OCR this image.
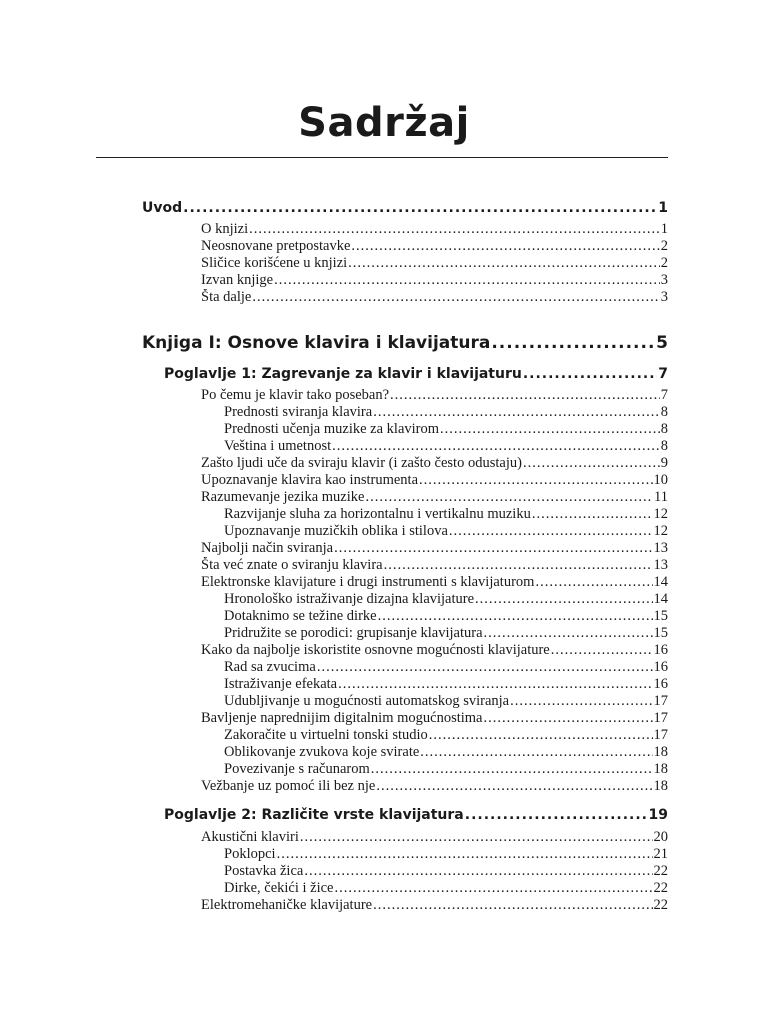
Sadržaj
Uvod .....	1
O knjizi .....	1
Neosnovane pretpostavke .....	2
Sličice korišćene u knjizi .....	2
Izvan knjige .....	3
Šta dalje .....	3
Knjiga I: Osnove klavira i klavijatura .....	5
Poglavlje 1: Zagrevanje za klavir i klavijaturu .....	7
Po čemu je klavir tako poseban? .....	7
Prednosti sviranja klavira .....	8
Prednosti učenja muzike za klavirom .....	8
Veština i umetnost .....	8
Zašto ljudi uče da sviraju klavir (i zašto često odustaju) .....	9
Upoznavanje klavira kao instrumenta .....	10
Razumevanje jezika muzike .....	11
Razvijanje sluha za horizontalnu i vertikalnu muziku .....	12
Upoznavanje muzičkih oblika i stilova .....	12
Najbolji način sviranja .....	13
Šta već znate o sviranju klavira .....	13
Elektronske klavijature i drugi instrumenti s klavijaturom .....	14
Hronološko istraživanje dizajna klavijature .....	14
Dotaknimo se težine dirke .....	15
Pridružite se porodici: grupisanje klavijatura .....	15
Kako da najbolje iskoristite osnovne mogućnosti klavijature .....	16
Rad sa zvucima .....	16
Istraživanje efekata .....	16
Udubljivanje u mogućnosti automatskog sviranja .....	17
Bavljenje naprednijim digitalnim mogućnostima .....	17
Zakoračite u virtuelni tonski studio .....	17
Oblikovanje zvukova koje svirate .....	18
Povezivanje s računarom .....	18
Vežbanje uz pomoć ili bez nje .....	18
Poglavlje 2: Različite vrste klavijatura .....	19
Akustični klaviri .....	20
Poklopci .....	21
Postavka žica .....	22
Dirke, čekići i žice .....	22
Elektromehaničke klavijature .....	22
